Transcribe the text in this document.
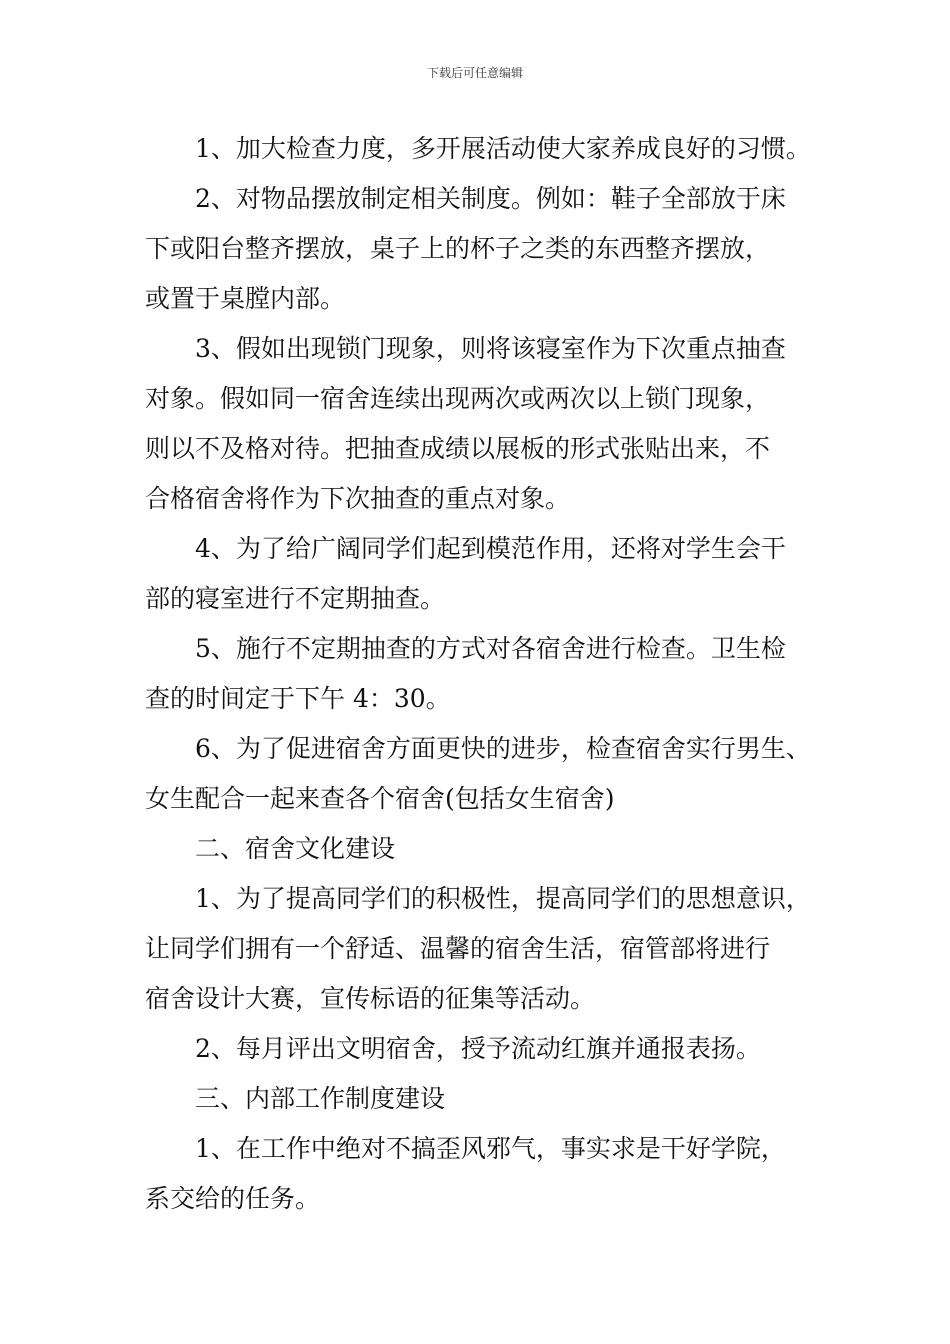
下载后可任意编辑
1、加大检查力度，多开展活动使大家养成良好的习惯。
2、对物品摆放制定相关制度。例如：鞋子全部放于床
下或阳台整齐摆放，桌子上的杯子之类的东西整齐摆放，
或置于桌膛内部。
3、假如出现锁门现象，则将该寝室作为下次重点抽查
对象。假如同一宿舍连续出现两次或两次以上锁门现象，
则以不及格对待。把抽查成绩以展板的形式张贴出来，不
合格宿舍将作为下次抽查的重点对象。
4、为了给广阔同学们起到模范作用，还将对学生会干
部的寝室进行不定期抽查。
5、施行不定期抽查的方式对各宿舍进行检查。卫生检
查的时间定于下午 4：30。
6、为了促进宿舍方面更快的进步，检查宿舍实行男生、
女生配合一起来查各个宿舍(包括女生宿舍)
二、宿舍文化建设
1、为了提高同学们的积极性，提高同学们的思想意识，
让同学们拥有一个舒适、温馨的宿舍生活，宿管部将进行
宿舍设计大赛，宣传标语的征集等活动。
2、每月评出文明宿舍，授予流动红旗并通报表扬。
三、内部工作制度建设
1、在工作中绝对不搞歪风邪气，事实求是干好学院，
系交给的任务。
